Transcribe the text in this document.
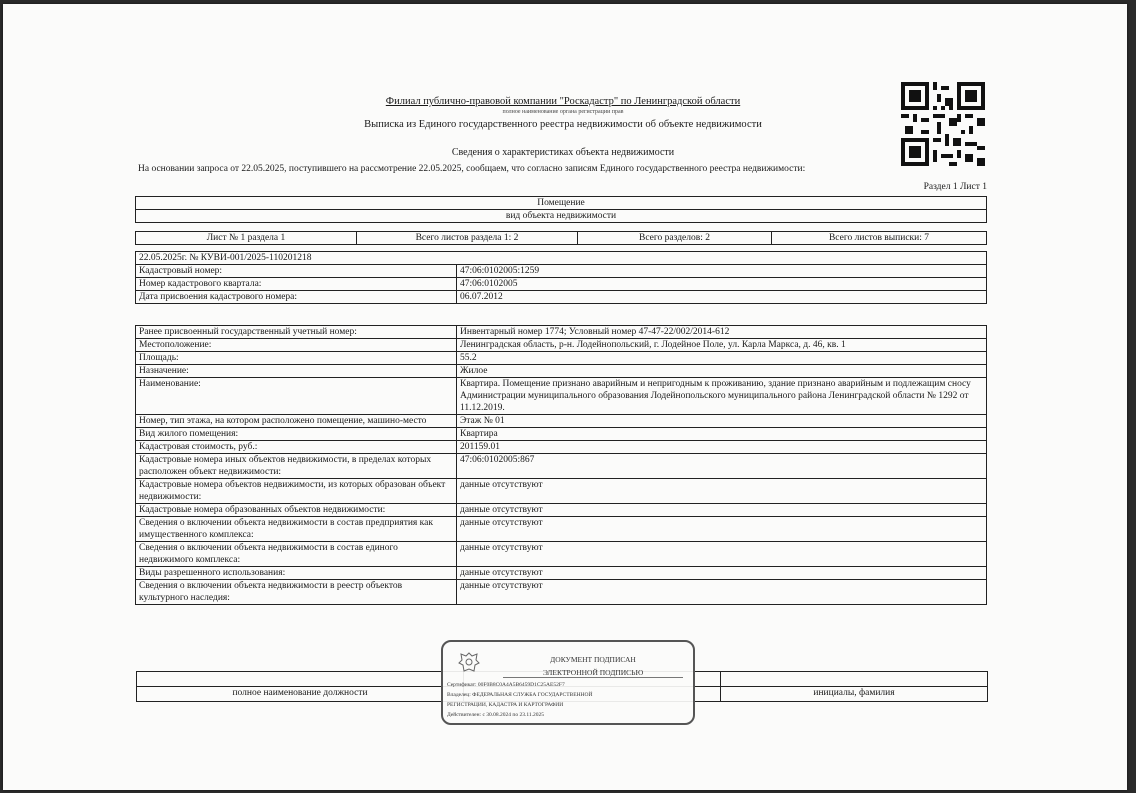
Филиал публично-правовой компании "Роскадастр" по Ленинградской области
полное наименование органа регистрации прав
Выписка из Единого государственного реестра недвижимости об объекте недвижимости
Сведения о характеристиках объекта недвижимости
На основании запроса от 22.05.2025, поступившего на рассмотрение 22.05.2025, сообщаем, что согласно записям Единого государственного реестра недвижимости:
Раздел 1 Лист 1
Помещение
вид объекта недвижимости
Лист № 1 раздела 1	Всего листов раздела 1: 2	Всего разделов: 2	Всего листов выписки: 7
22.05.2025г. № КУВИ-001/2025-110201218	
Кадастровый номер:	47:06:0102005:1259
Номер кадастрового квартала:	47:06:0102005
Дата присвоения кадастрового номера:	06.07.2012
Ранее присвоенный государственный учетный номер:	Инвентарный номер 1774; Условный номер 47-47-22/002/2014-612
Местоположение:	Ленинградская область, р-н. Лодейнопольский, г. Лодейное Поле, ул. Карла Маркса, д. 46, кв. 1
Площадь:	55.2
Назначение:	Жилое
Наименование:	Квартира. Помещение признано аварийным и непригодным к проживанию, здание признано аварийным и подлежащим сносу Администрации муниципального образования Лодейнопольского муниципального района Ленинградской области № 1292 от 11.12.2019.
Номер, тип этажа, на котором расположено помещение, машино-место	Этаж № 01
Вид жилого помещения:	Квартира
Кадастровая стоимость, руб.:	201159.01
Кадастровые номера иных объектов недвижимости, в пределах которых расположен объект недвижимости:	47:06:0102005:867
Кадастровые номера объектов недвижимости, из которых образован объект недвижимости:	данные отсутствуют
Кадастровые номера образованных объектов недвижимости:	данные отсутствуют
Сведения о включении объекта недвижимости в состав предприятия как имущественного комплекса:	данные отсутствуют
Сведения о включении объекта недвижимости в состав единого недвижимого комплекса:	данные отсутствуют
Виды разрешенного использования:	данные отсутствуют
Сведения о включении объекта недвижимости в реестр объектов культурного наследия:	данные отсутствуют

полное наименование должности		инициалы, фамилия
ДОКУМЕНТ ПОДПИСАН
ЭЛЕКТРОННОЙ ПОДПИСЬЮ
Сертификат: 00F0B8C0A4A5B6459D1C25AE52F7
Владелец: ФЕДЕРАЛЬНАЯ СЛУЖБА ГОСУДАРСТВЕННОЙ
РЕГИСТРАЦИИ, КАДАСТРА И КАРТОГРАФИИ
Действителен: с 30.08.2024 по 23.11.2025
